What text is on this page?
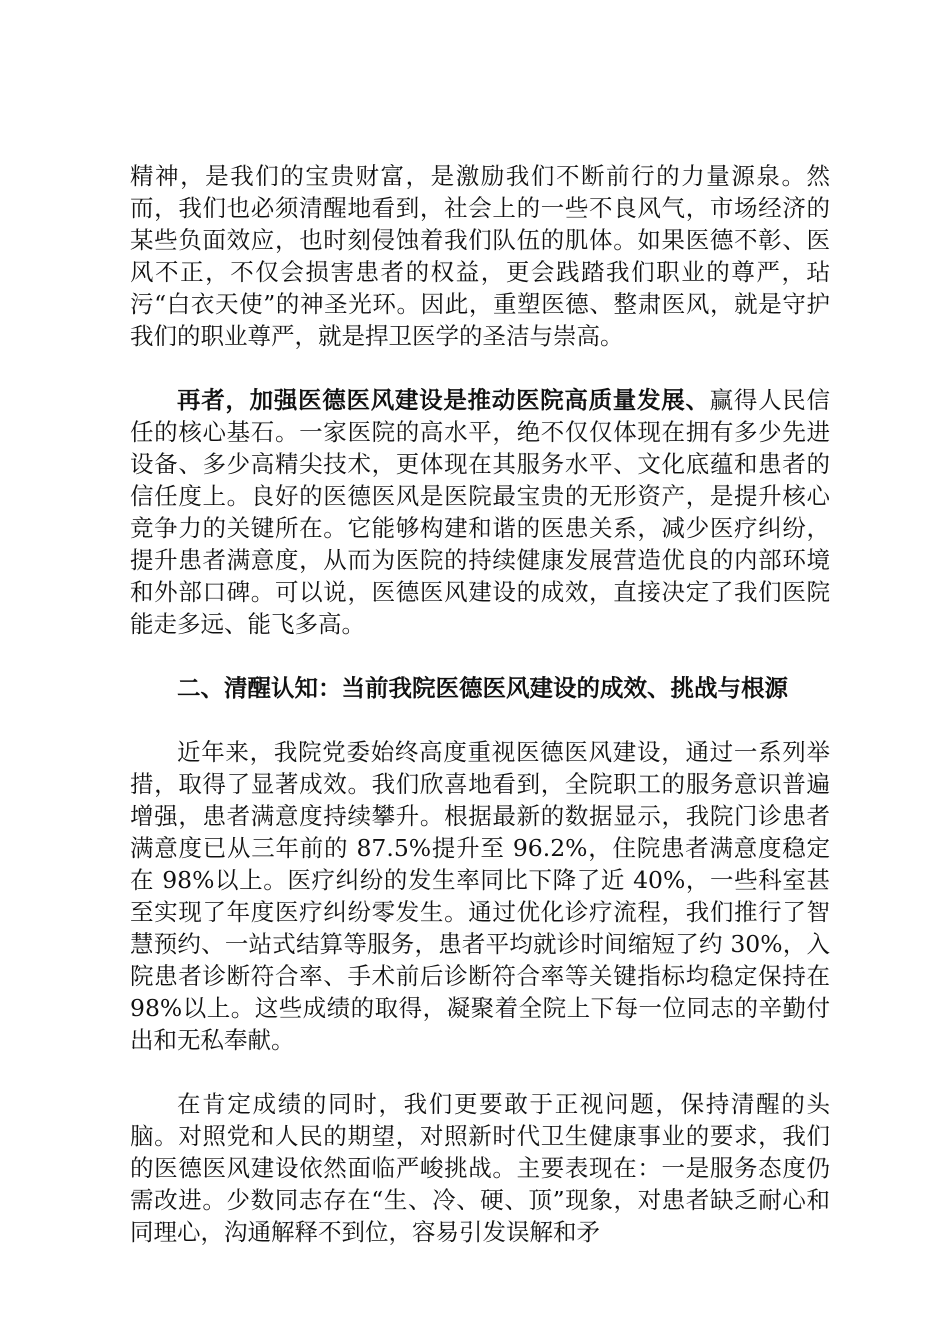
精神，是我们的宝贵财富，是激励我们不断前行的力量源泉。然而，我们也必须清醒地看到，社会上的一些不良风气，市场经济的某些负面效应，也时刻侵蚀着我们队伍的肌体。如果医德不彰、医风不正，不仅会损害患者的权益，更会践踏我们职业的尊严，玷污“白衣天使”的神圣光环。因此，重塑医德、整肃医风，就是守护我们的职业尊严，就是捍卫医学的圣洁与崇高。

再者，加强医德医风建设是推动医院高质量发展、赢得人民信任的核心基石。一家医院的高水平，绝不仅仅体现在拥有多少先进设备、多少高精尖技术，更体现在其服务水平、文化底蕴和患者的信任度上。良好的医德医风是医院最宝贵的无形资产，是提升核心竞争力的关键所在。它能够构建和谐的医患关系，减少医疗纠纷，提升患者满意度，从而为医院的持续健康发展营造优良的内部环境和外部口碑。可以说，医德医风建设的成效，直接决定了我们医院能走多远、能飞多高。

二、清醒认知：当前我院医德医风建设的成效、挑战与根源

近年来，我院党委始终高度重视医德医风建设，通过一系列举措，取得了显著成效。我们欣喜地看到，全院职工的服务意识普遍增强，患者满意度持续攀升。根据最新的数据显示，我院门诊患者满意度已从三年前的 87.5%提升至 96.2%，住院患者满意度稳定在 98%以上。医疗纠纷的发生率同比下降了近 40%，一些科室甚至实现了年度医疗纠纷零发生。通过优化诊疗流程，我们推行了智慧预约、一站式结算等服务，患者平均就诊时间缩短了约 30%，入院患者诊断符合率、手术前后诊断符合率等关键指标均稳定保持在 98%以上。这些成绩的取得，凝聚着全院上下每一位同志的辛勤付出和无私奉献。

在肯定成绩的同时，我们更要敢于正视问题，保持清醒的头脑。对照党和人民的期望，对照新时代卫生健康事业的要求，我们的医德医风建设依然面临严峻挑战。主要表现在：一是服务态度仍需改进。少数同志存在“生、冷、硬、顶”现象，对患者缺乏耐心和同理心，沟通解释不到位，容易引发误解和矛
